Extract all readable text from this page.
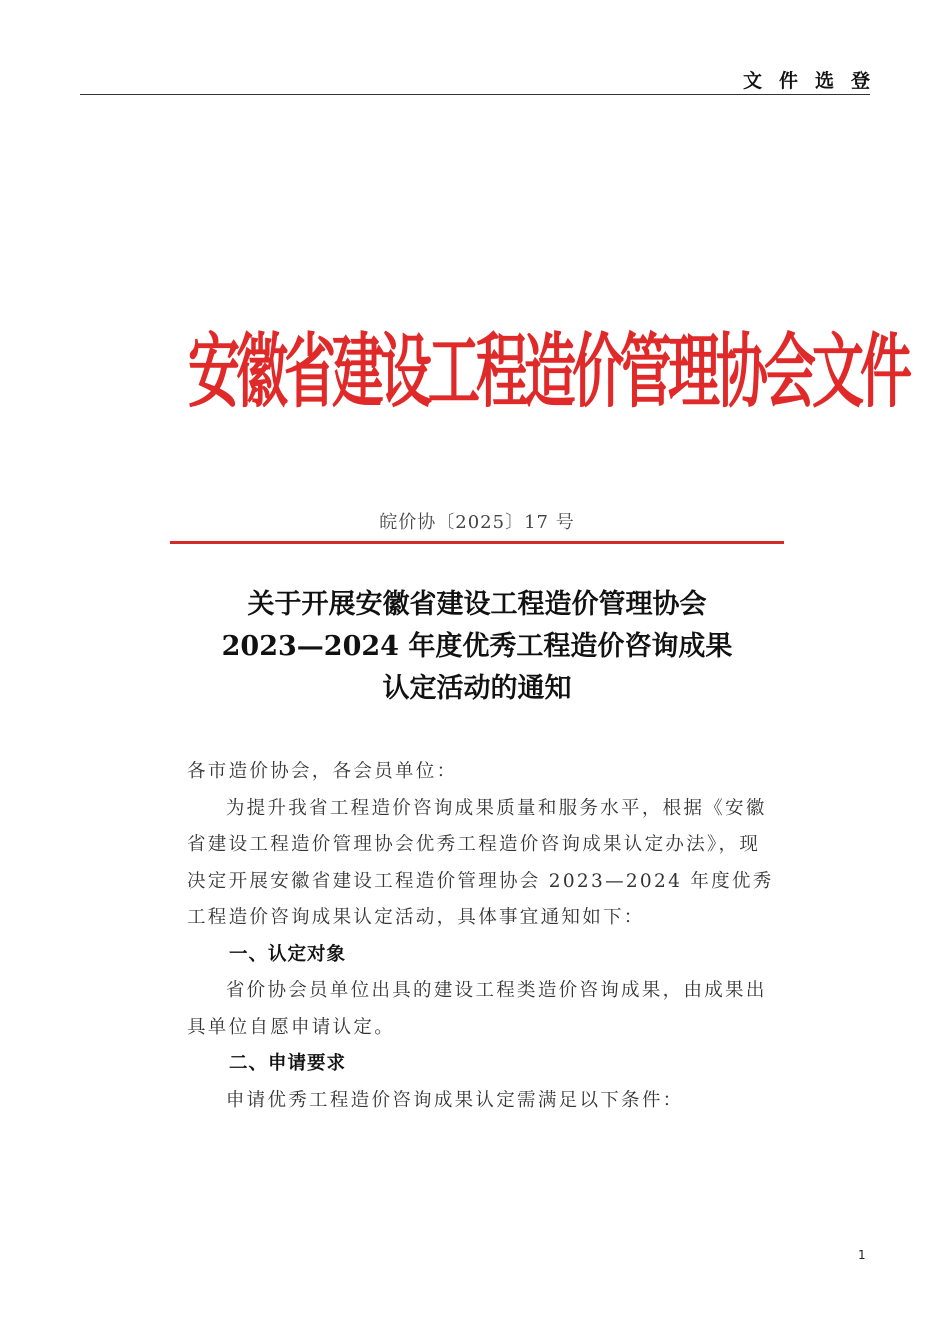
文件选登
安徽省建设工程造价管理协会文件
皖价协〔2025〕17 号
关于开展安徽省建设工程造价管理协会
2023—2024 年度优秀工程造价咨询成果
认定活动的通知

各市造价协会，各会员单位：

为提升我省工程造价咨询成果质量和服务水平，根据《安徽省建设工程造价管理协会优秀工程造价咨询成果认定办法》，现决定开展安徽省建设工程造价管理协会 2023—2024 年度优秀工程造价咨询成果认定活动，具体事宜通知如下：

一、认定对象

省价协会员单位出具的建设工程类造价咨询成果，由成果出具单位自愿申请认定。

二、申请要求

申请优秀工程造价咨询成果认定需满足以下条件：

1
